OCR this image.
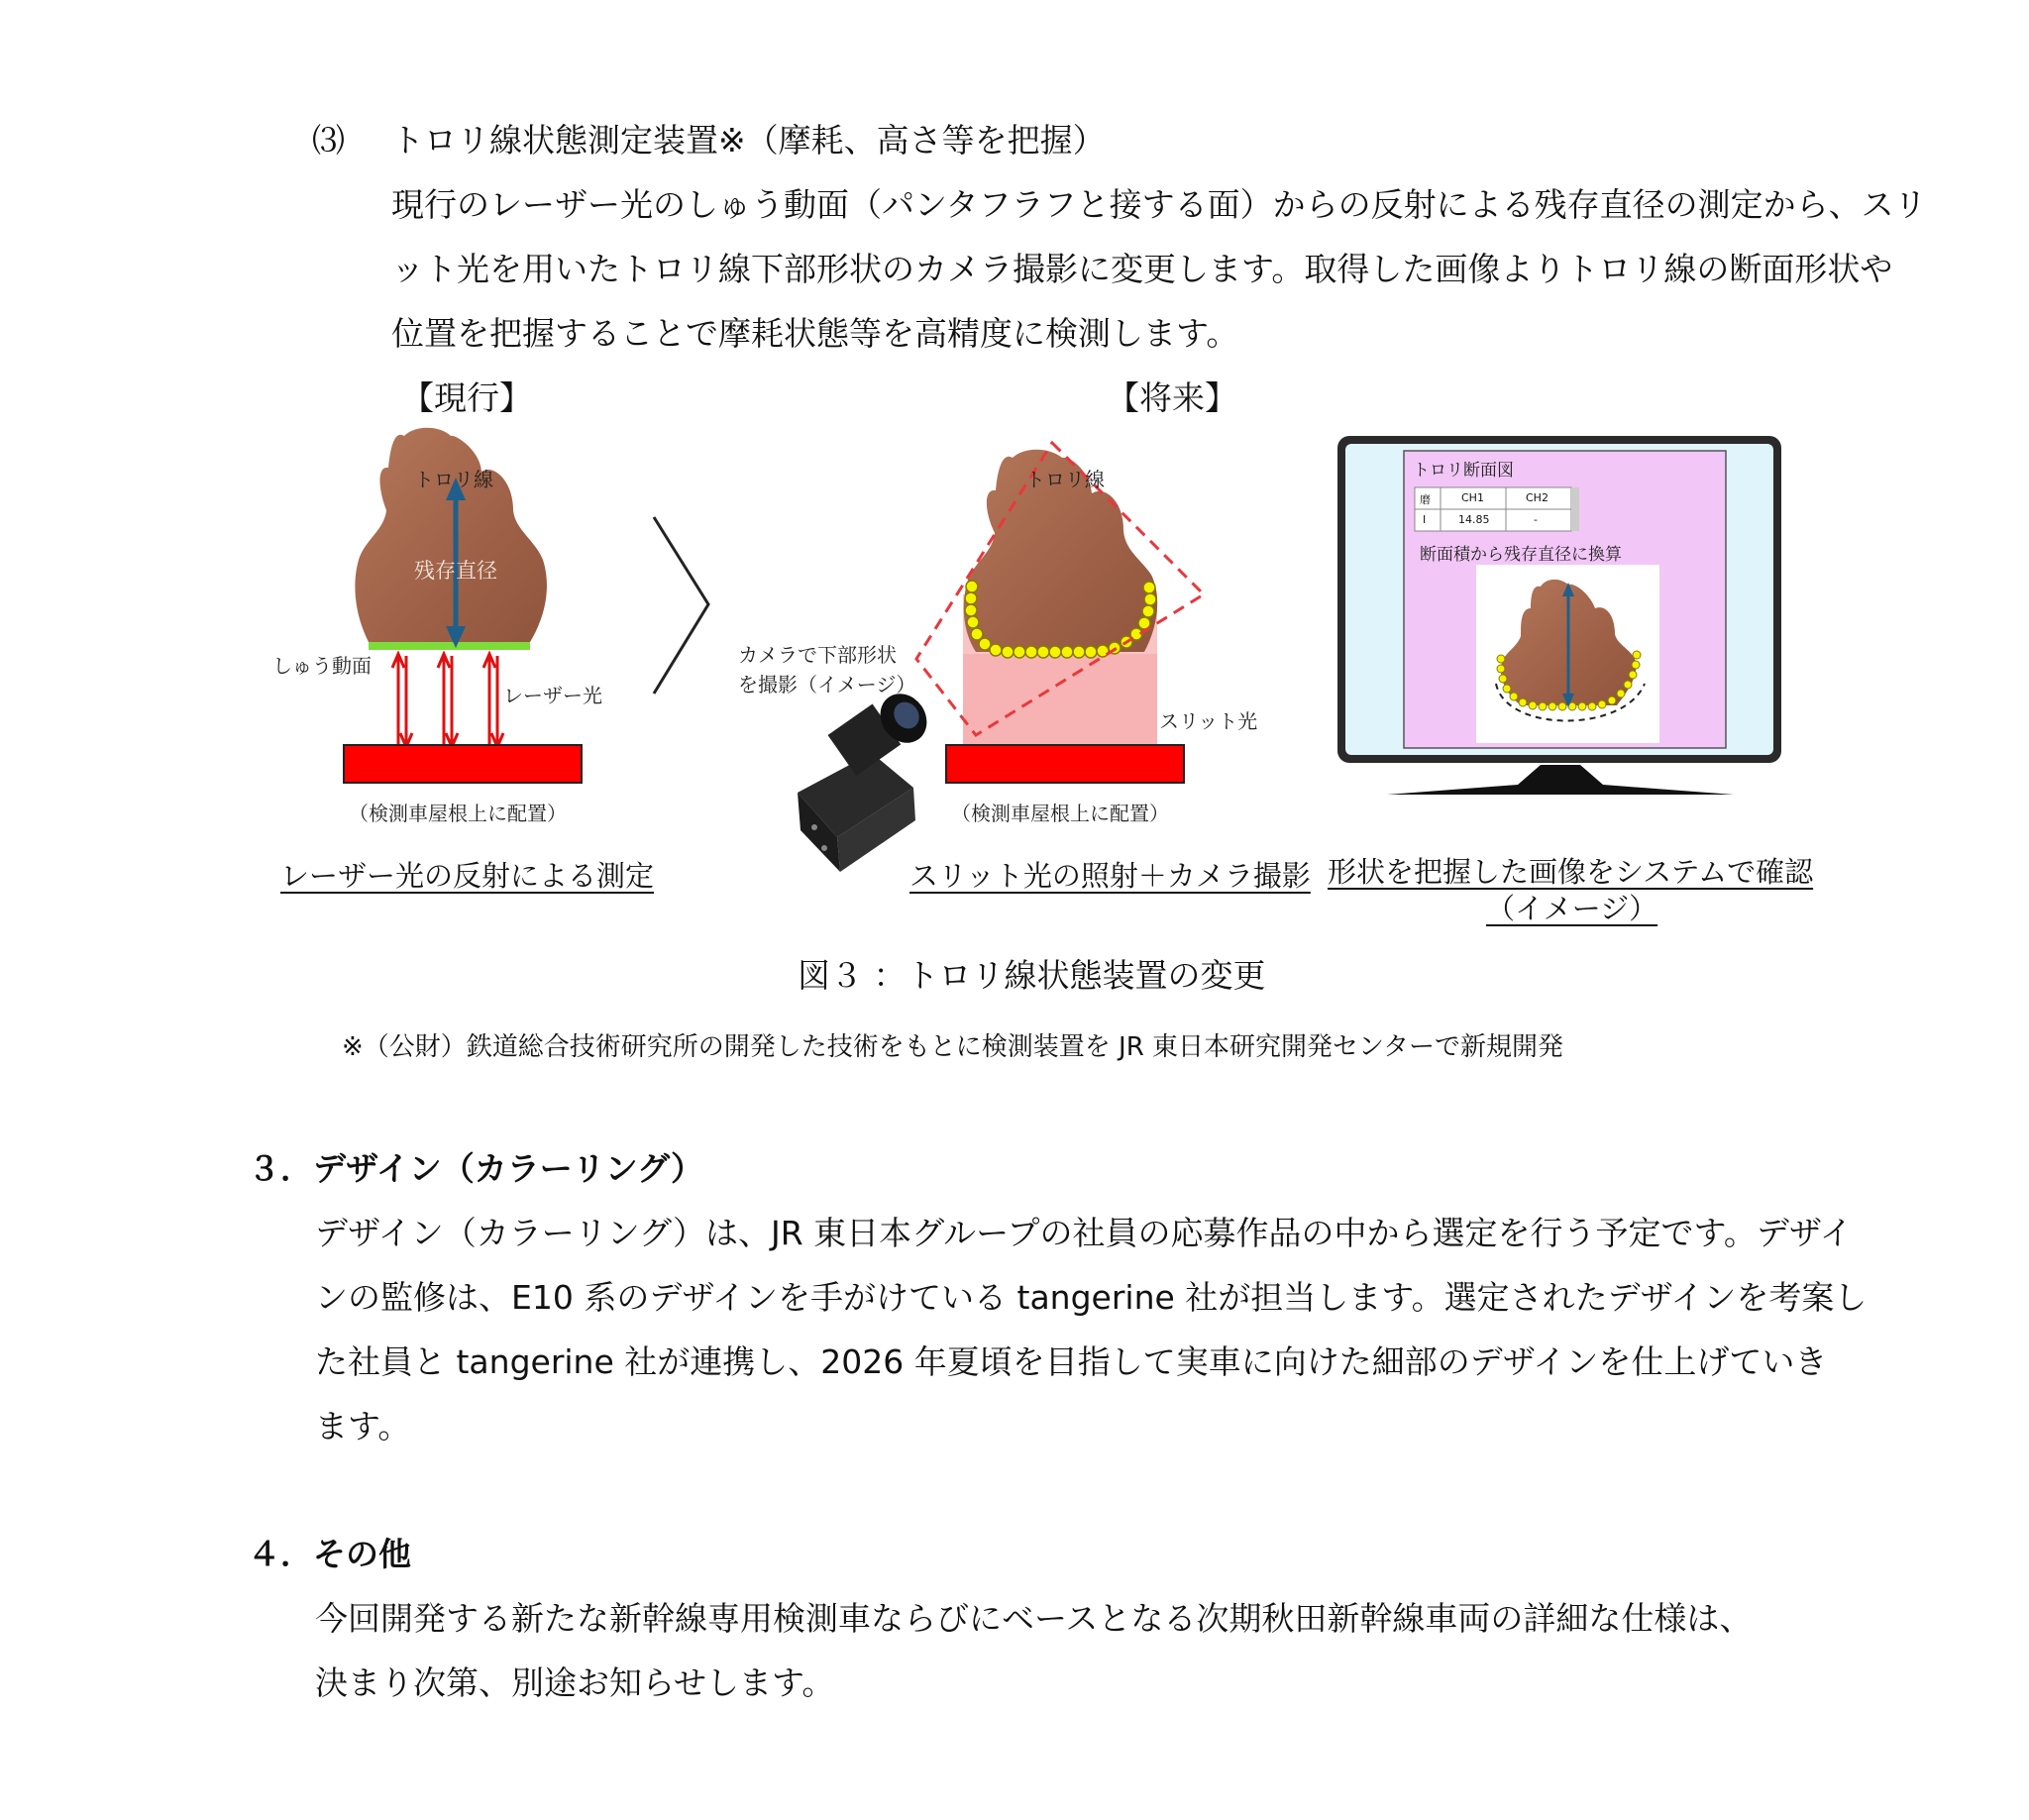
⑶ トロリ線状態測定装置※（摩耗、高さ等を把握）
現行のレーザー光のしゅう動面（パンタフラフと接する面）からの反射による残存直径の測定から、スリ
ット光を用いたトロリ線下部形状のカメラ撮影に変更します。取得した画像よりトロリ線の断面形状や
位置を把握することで摩耗状態等を高精度に検測します。
【現行】	【将来】
トロリ線
残存直径
しゅう動面
レーザー光
（検測車屋根上に配置）
レーザー光の反射による測定
トロリ線
カメラで下部形状
を撮影（イメージ）
スリット光
（検測車屋根上に配置）
スリット光の照射＋カメラ撮影
トロリ断面図
磨	CH1	CH2
I	14.85	-
断面積から残存直径に換算
形状を把握した画像をシステムで確認
（イメージ）
図３ ：トロリ線状態装置の変更
※（公財）鉄道総合技術研究所の開発した技術をもとに検測装置を JR 東日本研究開発センターで新規開発
３．デザイン（カラーリング）
デザイン（カラーリング）は、JR 東日本グループの社員の応募作品の中から選定を行う予定です。デザイ
ンの監修は、E10 系のデザインを手がけている tangerine 社が担当します。選定されたデザインを考案し
た社員と tangerine 社が連携し、2026 年夏頃を目指して実車に向けた細部のデザインを仕上げていき
ます。
４．その他
今回開発する新たな新幹線専用検測車ならびにベースとなる次期秋田新幹線車両の詳細な仕様は、
決まり次第、別途お知らせします。
